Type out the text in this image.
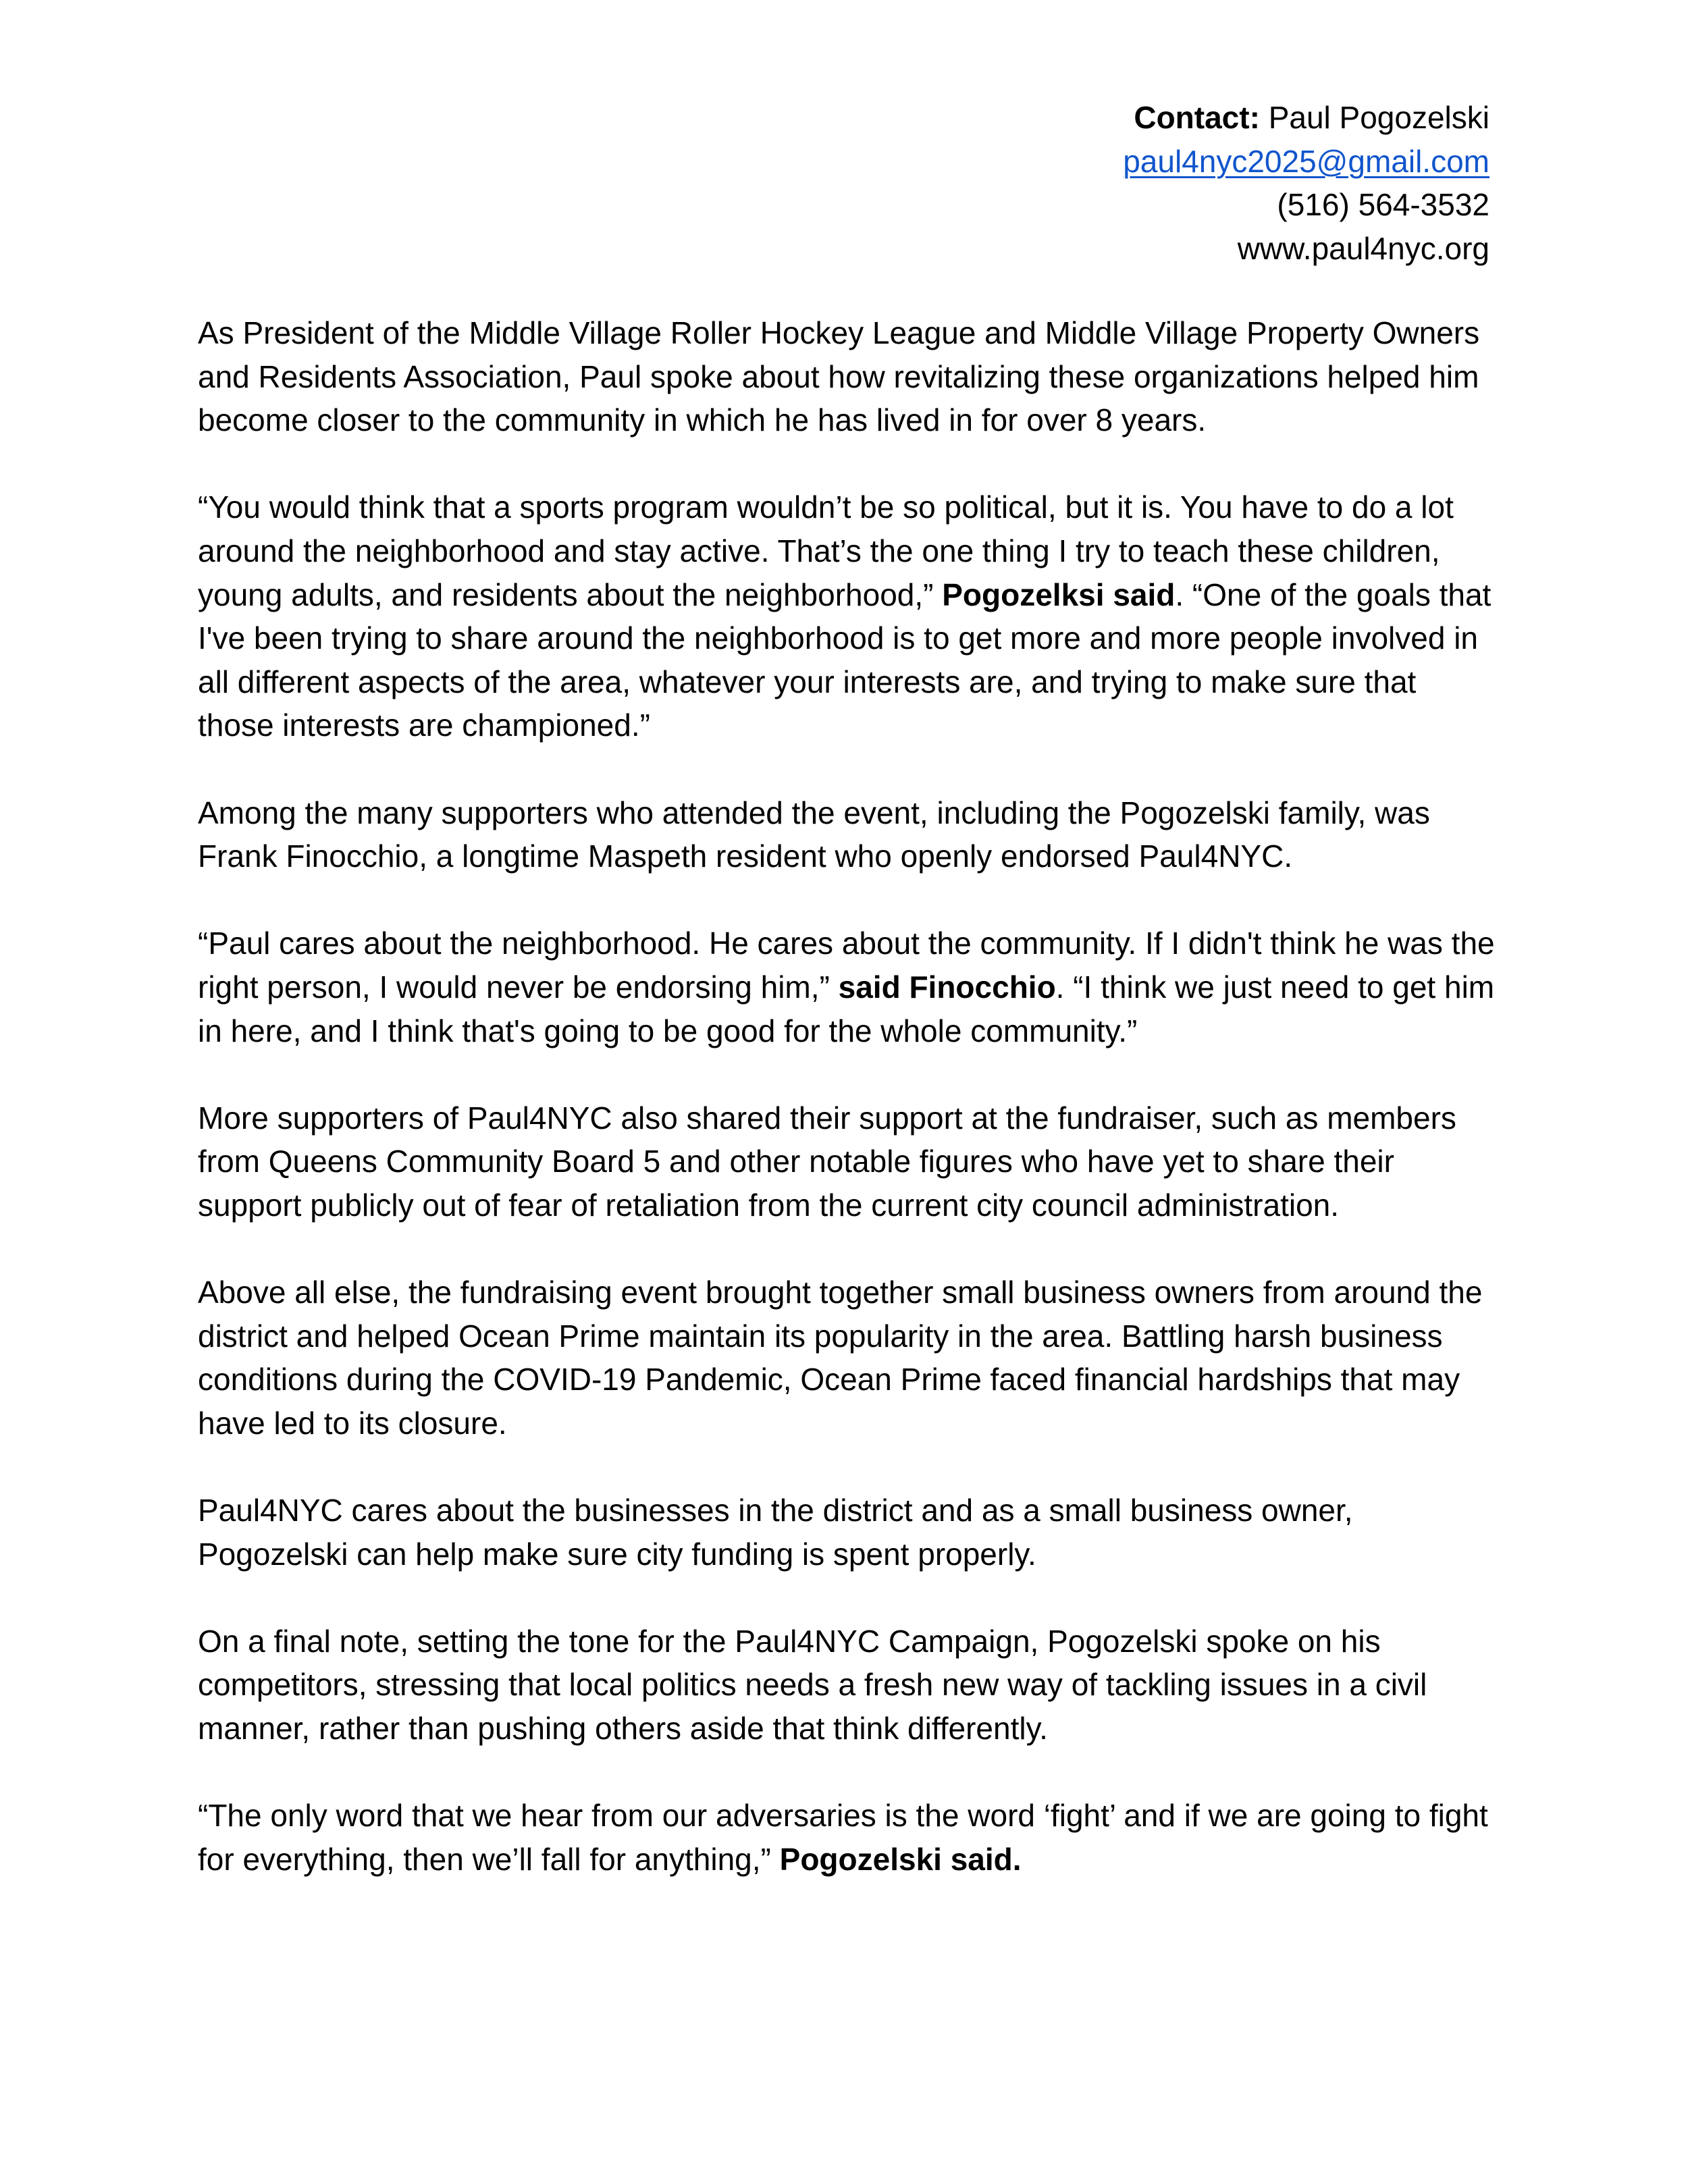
Contact: Paul Pogozelski
paul4nyc2025@gmail.com
(516) 564-3532
www.paul4nyc.org

As President of the Middle Village Roller Hockey League and Middle Village Property Owners and Residents Association, Paul spoke about how revitalizing these organizations helped him become closer to the community in which he has lived in for over 8 years.

“You would think that a sports program wouldn’t be so political, but it is. You have to do a lot around the neighborhood and stay active. That’s the one thing I try to teach these children, young adults, and residents about the neighborhood,” Pogozelksi said. “One of the goals that I've been trying to share around the neighborhood is to get more and more people involved in all different aspects of the area, whatever your interests are, and trying to make sure that those interests are championed.”

Among the many supporters who attended the event, including the Pogozelski family, was Frank Finocchio, a longtime Maspeth resident who openly endorsed Paul4NYC.

“Paul cares about the neighborhood. He cares about the community. If I didn't think he was the right person, I would never be endorsing him,” said Finocchio. “I think we just need to get him in here, and I think that's going to be good for the whole community.”

More supporters of Paul4NYC also shared their support at the fundraiser, such as members from Queens Community Board 5 and other notable figures who have yet to share their support publicly out of fear of retaliation from the current city council administration.

Above all else, the fundraising event brought together small business owners from around the district and helped Ocean Prime maintain its popularity in the area. Battling harsh business conditions during the COVID-19 Pandemic, Ocean Prime faced financial hardships that may have led to its closure.

Paul4NYC cares about the businesses in the district and as a small business owner, Pogozelski can help make sure city funding is spent properly.

On a final note, setting the tone for the Paul4NYC Campaign, Pogozelski spoke on his competitors, stressing that local politics needs a fresh new way of tackling issues in a civil manner, rather than pushing others aside that think differently.

“The only word that we hear from our adversaries is the word ‘fight’ and if we are going to fight for everything, then we’ll fall for anything,” Pogozelski said.
